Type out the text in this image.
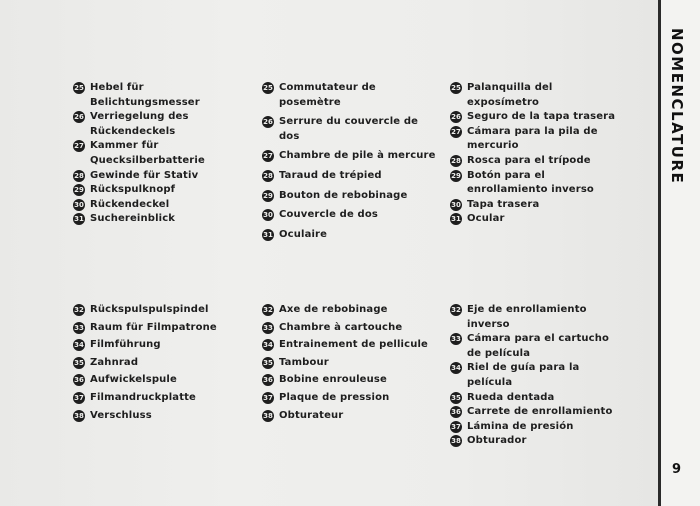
25 Hebel für Belichtungsmesser
26 Verriegelung des Rückendeckels
27 Kammer für Quecksilberbatterie
28 Gewinde für Stativ
29 Rückspulknopf
30 Rückendeckel
31 Suchereinblick
25 Commutateur de posemètre
26 Serrure du couvercle de dos
27 Chambre de pile à mercure
28 Taraud de trépied
29 Bouton de rebobinage
30 Couvercle de dos
31 Oculaire
25 Palanquilla del exposímetro
26 Seguro de la tapa trasera
27 Cámara para la pila de mercurio
28 Rosca para el trípode
29 Botón para el enrollamiento inverso
30 Tapa trasera
31 Ocular
32 Rückspulspulspindel
33 Raum für Filmpatrone
34 Filmführung
35 Zahnrad
36 Aufwickelspule
37 Filmandruckplatte
38 Verschluss
32 Axe de rebobinage
33 Chambre à cartouche
34 Entrainement de pellicule
35 Tambour
36 Bobine enrouleuse
37 Plaque de pression
38 Obturateur
32 Eje de enrollamiento inverso
33 Cámara para el cartucho de película
34 Riel de guía para la película
35 Rueda dentada
36 Carrete de enrollamiento
37 Lámina de presión
38 Obturador
NOMENCLATURE
9
